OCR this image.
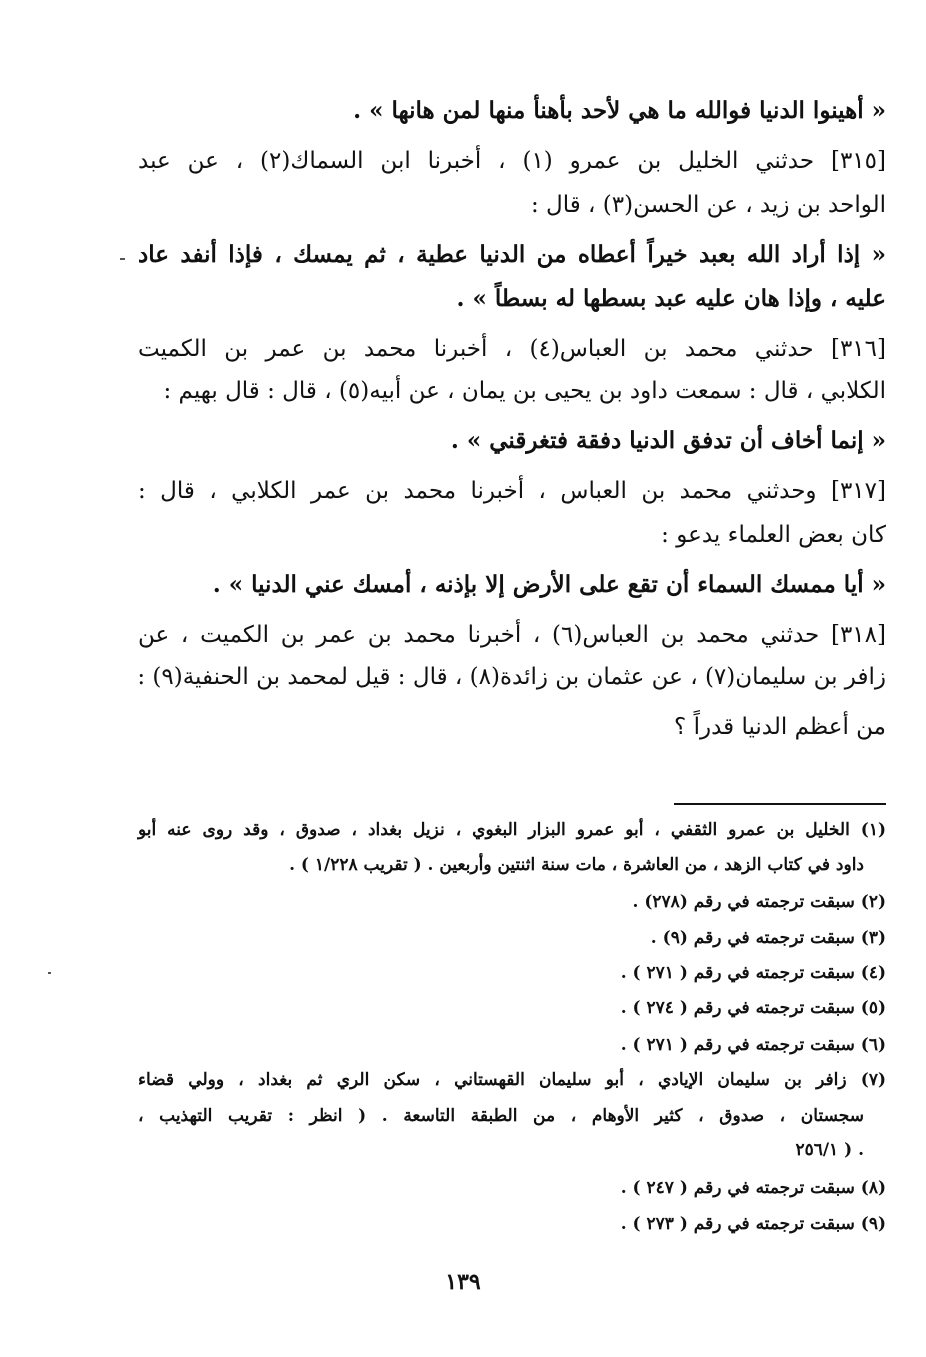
« أهينوا الدنيا فوالله ما هي لأحد بأهنأ منها لمن هانها » .
[٣١٥] حدثني الخليل بن عمرو (١) ، أخبرنا ابن السماك(٢) ، عن عبد
الواحد بن زيد ، عن الحسن(٣) ، قال :
« إذا أراد الله بعبد خيراً أعطاه من الدنيا عطية ، ثم يمسك ، فإذا أنفد عاد
عليه ، وإذا هان عليه عبد بسطها له بسطاً » .
[٣١٦] حدثني محمد بن العباس(٤) ، أخبرنا محمد بن عمر بن الكميت
الكلابي ، قال : سمعت داود بن يحيى بن يمان ، عن أبيه(٥) ، قال : قال بهيم :
« إنما أخاف أن تدفق الدنيا دفقة فتغرقني » .
[٣١٧] وحدثني محمد بن العباس ، أخبرنا محمد بن عمر الكلابي ، قال :
كان بعض العلماء يدعو :
« أيا ممسك السماء أن تقع على الأرض إلا بإذنه ، أمسك عني الدنيا » .
[٣١٨] حدثني محمد بن العباس(٦) ، أخبرنا محمد بن عمر بن الكميت ، عن
زافر بن سليمان(٧) ، عن عثمان بن زائدة(٨) ، قال : قيل لمحمد بن الحنفية(٩) :
من أعظم الدنيا قدراً ؟
(١) الخليل بن عمرو الثقفي ، أبو عمرو البزار البغوي ، نزيل بغداد ، صدوق ، وقد روى عنه أبو
داود في كتاب الزهد ، من العاشرة ، مات سنة اثنتين وأربعين . ( تقريب ١/٢٢٨ ) .
(٢) سبقت ترجمته في رقم (٢٧٨) .
(٣) سبقت ترجمته في رقم (٩) .
(٤) سبقت ترجمته في رقم ( ٢٧١ ) .
(٥) سبقت ترجمته في رقم ( ٢٧٤ ) .
(٦) سبقت ترجمته في رقم ( ٢٧١ ) .
(٧) زافر بن سليمان الإيادي ، أبو سليمان القهستاني ، سكن الري ثم بغداد ، وولي قضاء
سجستان ، صدوق ، كثير الأوهام ، من الطبقة التاسعة . ( انظر : تقريب التهذيب ،
. ( ٢٥٦/١
(٨) سبقت ترجمته في رقم ( ٢٤٧ ) .
(٩) سبقت ترجمته في رقم ( ٢٧٣ ) .
١٣٩
